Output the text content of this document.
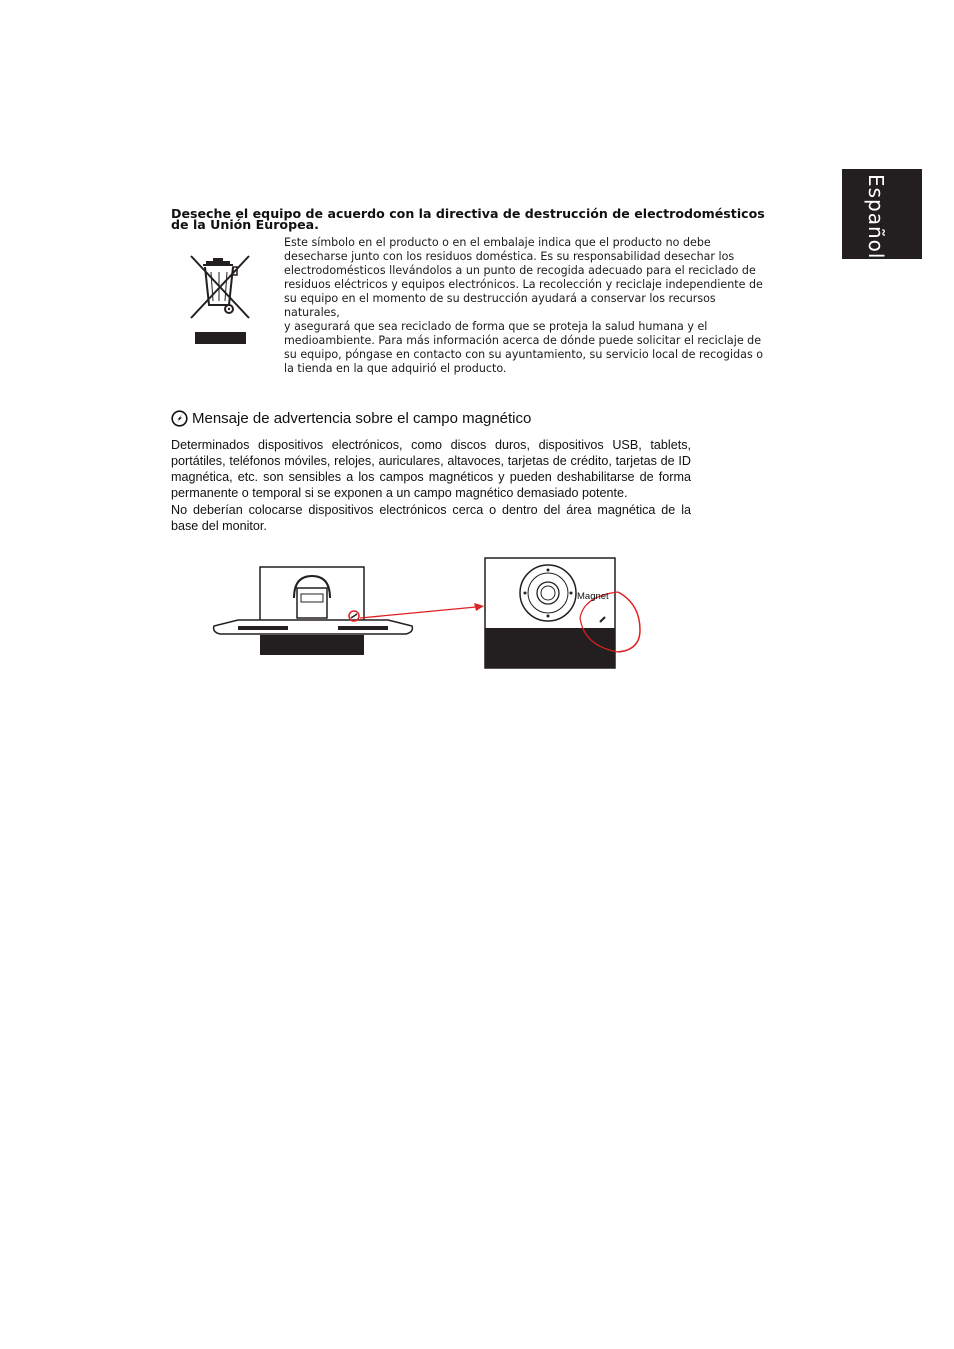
Español
Deseche el equipo de acuerdo con la directiva de destrucción de electrodomésticos de la Unión Europea.
Este símbolo en el producto o en el embalaje indica que el producto no debe
desecharse junto con los residuos doméstica. Es su responsabilidad desechar los
electrodomésticos llevándolos a un punto de recogida adecuado para el reciclado de
residuos eléctricos y equipos electrónicos. La recolección y reciclaje independiente de
su equipo en el momento de su destrucción ayudará a conservar los recursos naturales,
y asegurará que sea reciclado de forma que se proteja la salud humana y el
medioambiente. Para más información acerca de dónde puede solicitar el reciclaje de
su equipo, póngase en contacto con su ayuntamiento, su servicio local de recogidas o
la tienda en la que adquirió el producto.
Mensaje de advertencia sobre el campo magnético

Determinados dispositivos electrónicos, como discos duros, dispositivos USB, tablets, portátiles, teléfonos móviles, relojes, auriculares, altavoces, tarjetas de crédito, tarjetas de ID magnética, etc. son sensibles a los campos magnéticos y pueden deshabilitarse de forma permanente o temporal si se exponen a un campo magnético demasiado potente.

No deberían colocarse dispositivos electrónicos cerca o dentro del área magnética de la base del monitor.

Magnet
